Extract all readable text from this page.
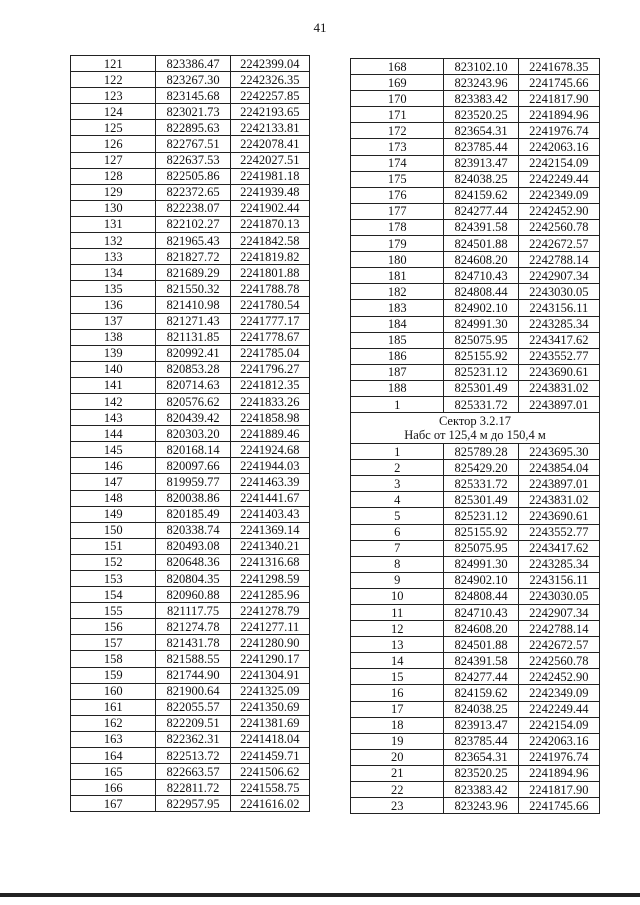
41
121	823386.47	2242399.04
122	823267.30	2242326.35
123	823145.68	2242257.85
124	823021.73	2242193.65
125	822895.63	2242133.81
126	822767.51	2242078.41
127	822637.53	2242027.51
128	822505.86	2241981.18
129	822372.65	2241939.48
130	822238.07	2241902.44
131	822102.27	2241870.13
132	821965.43	2241842.58
133	821827.72	2241819.82
134	821689.29	2241801.88
135	821550.32	2241788.78
136	821410.98	2241780.54
137	821271.43	2241777.17
138	821131.85	2241778.67
139	820992.41	2241785.04
140	820853.28	2241796.27
141	820714.63	2241812.35
142	820576.62	2241833.26
143	820439.42	2241858.98
144	820303.20	2241889.46
145	820168.14	2241924.68
146	820097.66	2241944.03
147	819959.77	2241463.39
148	820038.86	2241441.67
149	820185.49	2241403.43
150	820338.74	2241369.14
151	820493.08	2241340.21
152	820648.36	2241316.68
153	820804.35	2241298.59
154	820960.88	2241285.96
155	821117.75	2241278.79
156	821274.78	2241277.11
157	821431.78	2241280.90
158	821588.55	2241290.17
159	821744.90	2241304.91
160	821900.64	2241325.09
161	822055.57	2241350.69
162	822209.51	2241381.69
163	822362.31	2241418.04
164	822513.72	2241459.71
165	822663.57	2241506.62
166	822811.72	2241558.75
167	822957.95	2241616.02
168	823102.10	2241678.35
169	823243.96	2241745.66
170	823383.42	2241817.90
171	823520.25	2241894.96
172	823654.31	2241976.74
173	823785.44	2242063.16
174	823913.47	2242154.09
175	824038.25	2242249.44
176	824159.62	2242349.09
177	824277.44	2242452.90
178	824391.58	2242560.78
179	824501.88	2242672.57
180	824608.20	2242788.14
181	824710.43	2242907.34
182	824808.44	2243030.05
183	824902.10	2243156.11
184	824991.30	2243285.34
185	825075.95	2243417.62
186	825155.92	2243552.77
187	825231.12	2243690.61
188	825301.49	2243831.02
1	825331.72	2243897.01

Сектор 3.2.17
Набс от 125,4 м до 150,4 м		

1	825789.28	2243695.30
2	825429.20	2243854.04
3	825331.72	2243897.01
4	825301.49	2243831.02
5	825231.12	2243690.61
6	825155.92	2243552.77
7	825075.95	2243417.62
8	824991.30	2243285.34
9	824902.10	2243156.11
10	824808.44	2243030.05
11	824710.43	2242907.34
12	824608.20	2242788.14
13	824501.88	2242672.57
14	824391.58	2242560.78
15	824277.44	2242452.90
16	824159.62	2242349.09
17	824038.25	2242249.44
18	823913.47	2242154.09
19	823785.44	2242063.16
20	823654.31	2241976.74
21	823520.25	2241894.96
22	823383.42	2241817.90
23	823243.96	2241745.66
